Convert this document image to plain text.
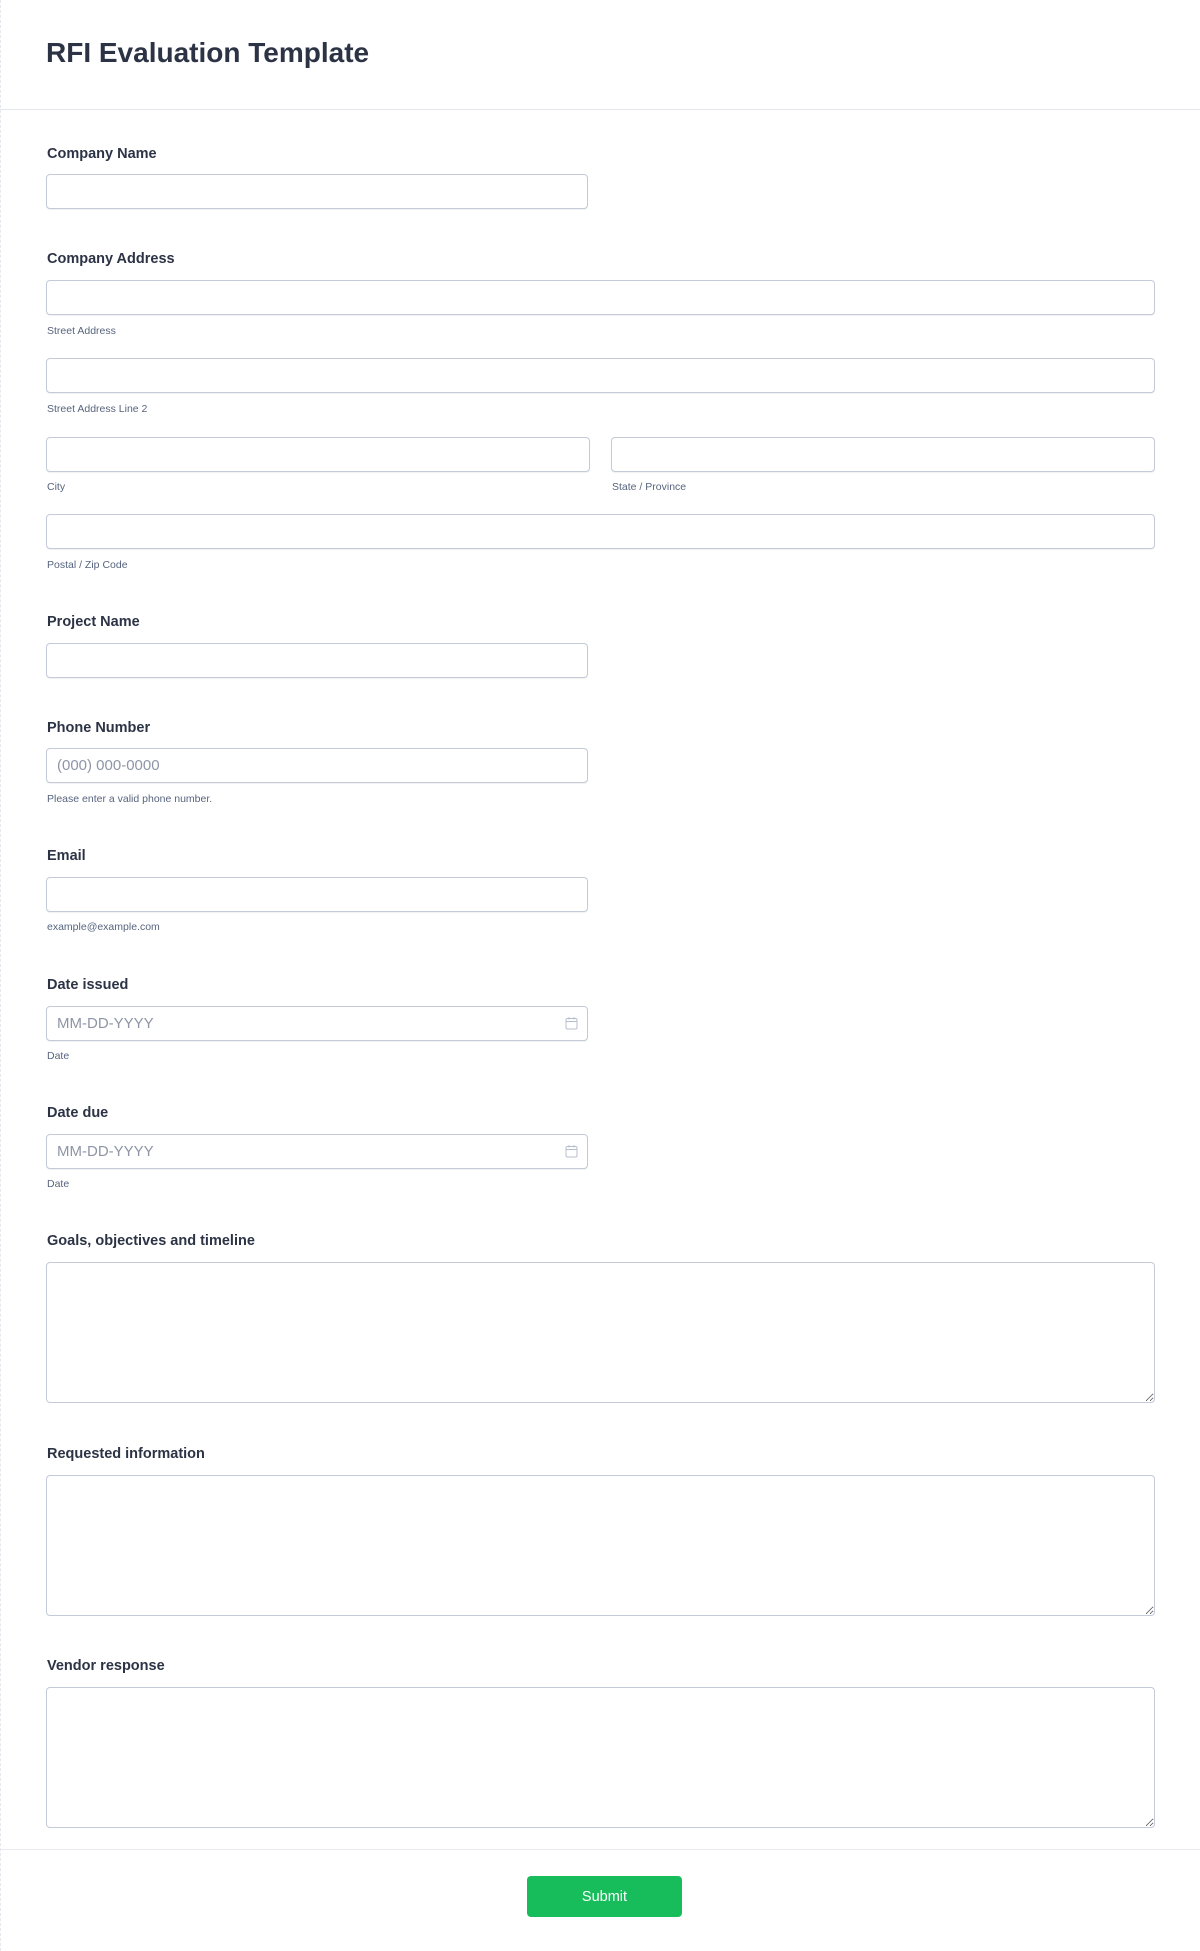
RFI Evaluation Template
Company Name
Company Address
Street Address
Street Address Line 2
City	State / Province
Postal / Zip Code
Project Name
Phone Number
(000) 000-0000
Please enter a valid phone number.
Email
example@example.com
Date issued
MM-DD-YYYY
Date
Date due
MM-DD-YYYY
Date
Goals, objectives and timeline
Requested information
Vendor response
Submit
